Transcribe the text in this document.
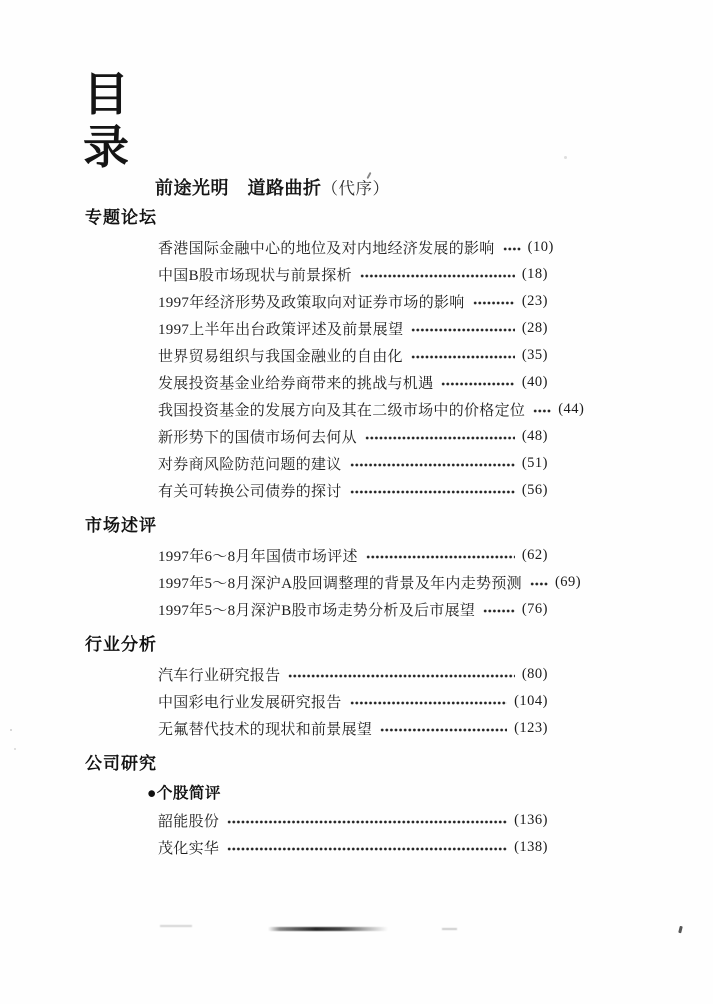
目
录
前途光明　道路曲折（代序）
专题论坛
香港国际金融中心的地位及对内地经济发展的影响 (10)
中国B股市场现状与前景探析	(18)
1997年经济形势及政策取向对证券市场的影响	(23)
1997上半年出台政策评述及前景展望	(28)
世界贸易组织与我国金融业的自由化	(35)
发展投资基金业给券商带来的挑战与机遇	(40)
我国投资基金的发展方向及其在二级市场中的价格定位 (44)
新形势下的国债市场何去何从	(48)
对券商风险防范问题的建议	(51)
有关可转换公司债券的探讨	(56)
市场述评
1997年6～8月年国债市场评述	(62)
1997年5～8月深沪A股回调整理的背景及年内走势预测 (69)
1997年5～8月深沪B股市场走势分析及后市展望	(76)
行业分析
汽车行业研究报告	(80)
中国彩电行业发展研究报告	(104)
无氟替代技术的现状和前景展望	(123)
公司研究
●个股简评
韶能股份	(136)
茂化实华	(138)
